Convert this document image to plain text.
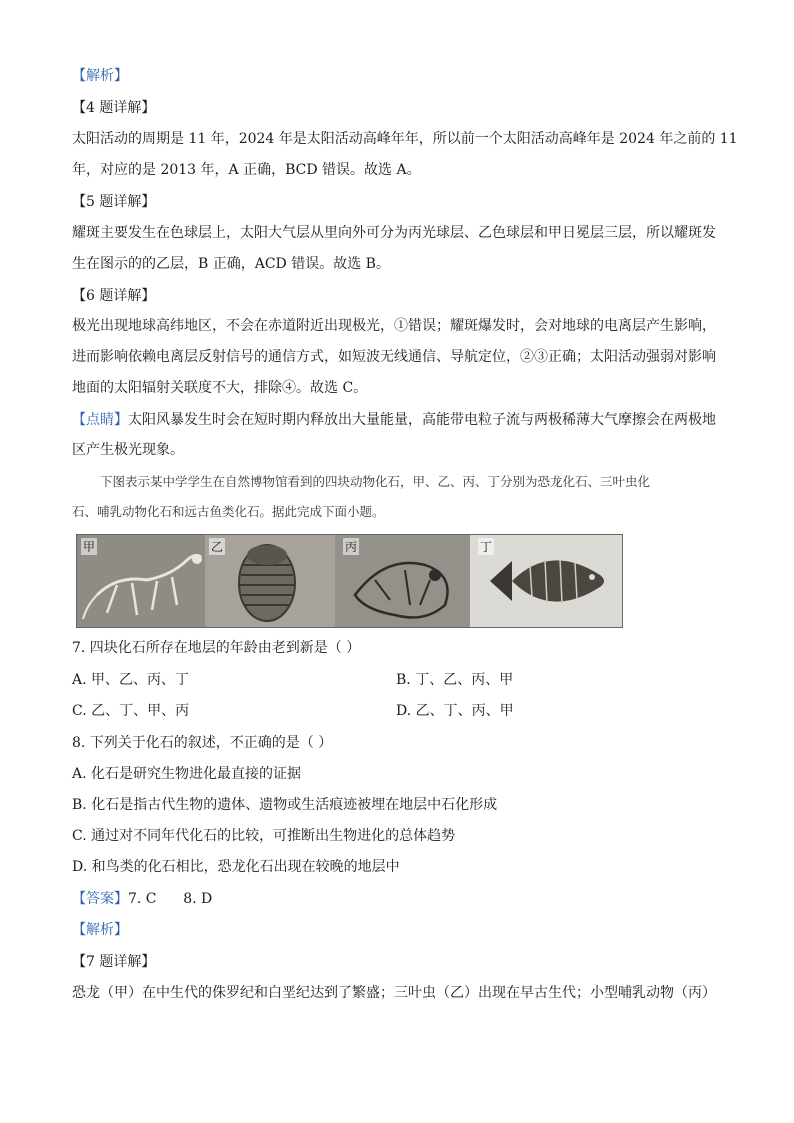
【解析】
【4 题详解】
太阳活动的周期是 11 年，2024 年是太阳活动高峰年年，所以前一个太阳活动高峰年是 2024 年之前的 11
年，对应的是 2013 年，A 正确，BCD 错误。故选 A。
【5 题详解】
耀斑主要发生在色球层上，太阳大气层从里向外可分为丙光球层、乙色球层和甲日冕层三层，所以耀斑发
生在图示的的乙层，B 正确，ACD 错误。故选 B。
【6 题详解】
极光出现地球高纬地区，不会在赤道附近出现极光，①错误；耀斑爆发时，会对地球的电离层产生影响，
进而影响依赖电离层反射信号的通信方式，如短波无线通信、导航定位，②③正确；太阳活动强弱对影响
地面的太阳辐射关联度不大，排除④。故选 C。
【点睛】太阳风暴发生时会在短时期内释放出大量能量，高能带电粒子流与两极稀薄大气摩擦会在两极地
区产生极光现象。
下图表示某中学学生在自然博物馆看到的四块动物化石，甲、乙、丙、丁分别为恐龙化石、三叶虫化
石、哺乳动物化石和远古鱼类化石。据此完成下面小题。
甲	乙	丙	丁
7. 四块化石所存在地层的年龄由老到新是（ ）
A. 甲、乙、丙、丁	B. 丁、乙、丙、甲
C. 乙、丁、甲、丙	D. 乙、丁、丙、甲
8. 下列关于化石的叙述，不正确的是（ ）
A. 化石是研究生物进化最直接的证据
B. 化石是指古代生物的遗体、遗物或生活痕迹被埋在地层中石化形成
C. 通过对不同年代化石的比较，可推断出生物进化的总体趋势
D. 和鸟类的化石相比，恐龙化石出现在较晚的地层中
【答案】7. C      8. D
【解析】
【7 题详解】
恐龙（甲）在中生代的侏罗纪和白垩纪达到了繁盛；三叶虫（乙）出现在早古生代；小型哺乳动物（丙）
